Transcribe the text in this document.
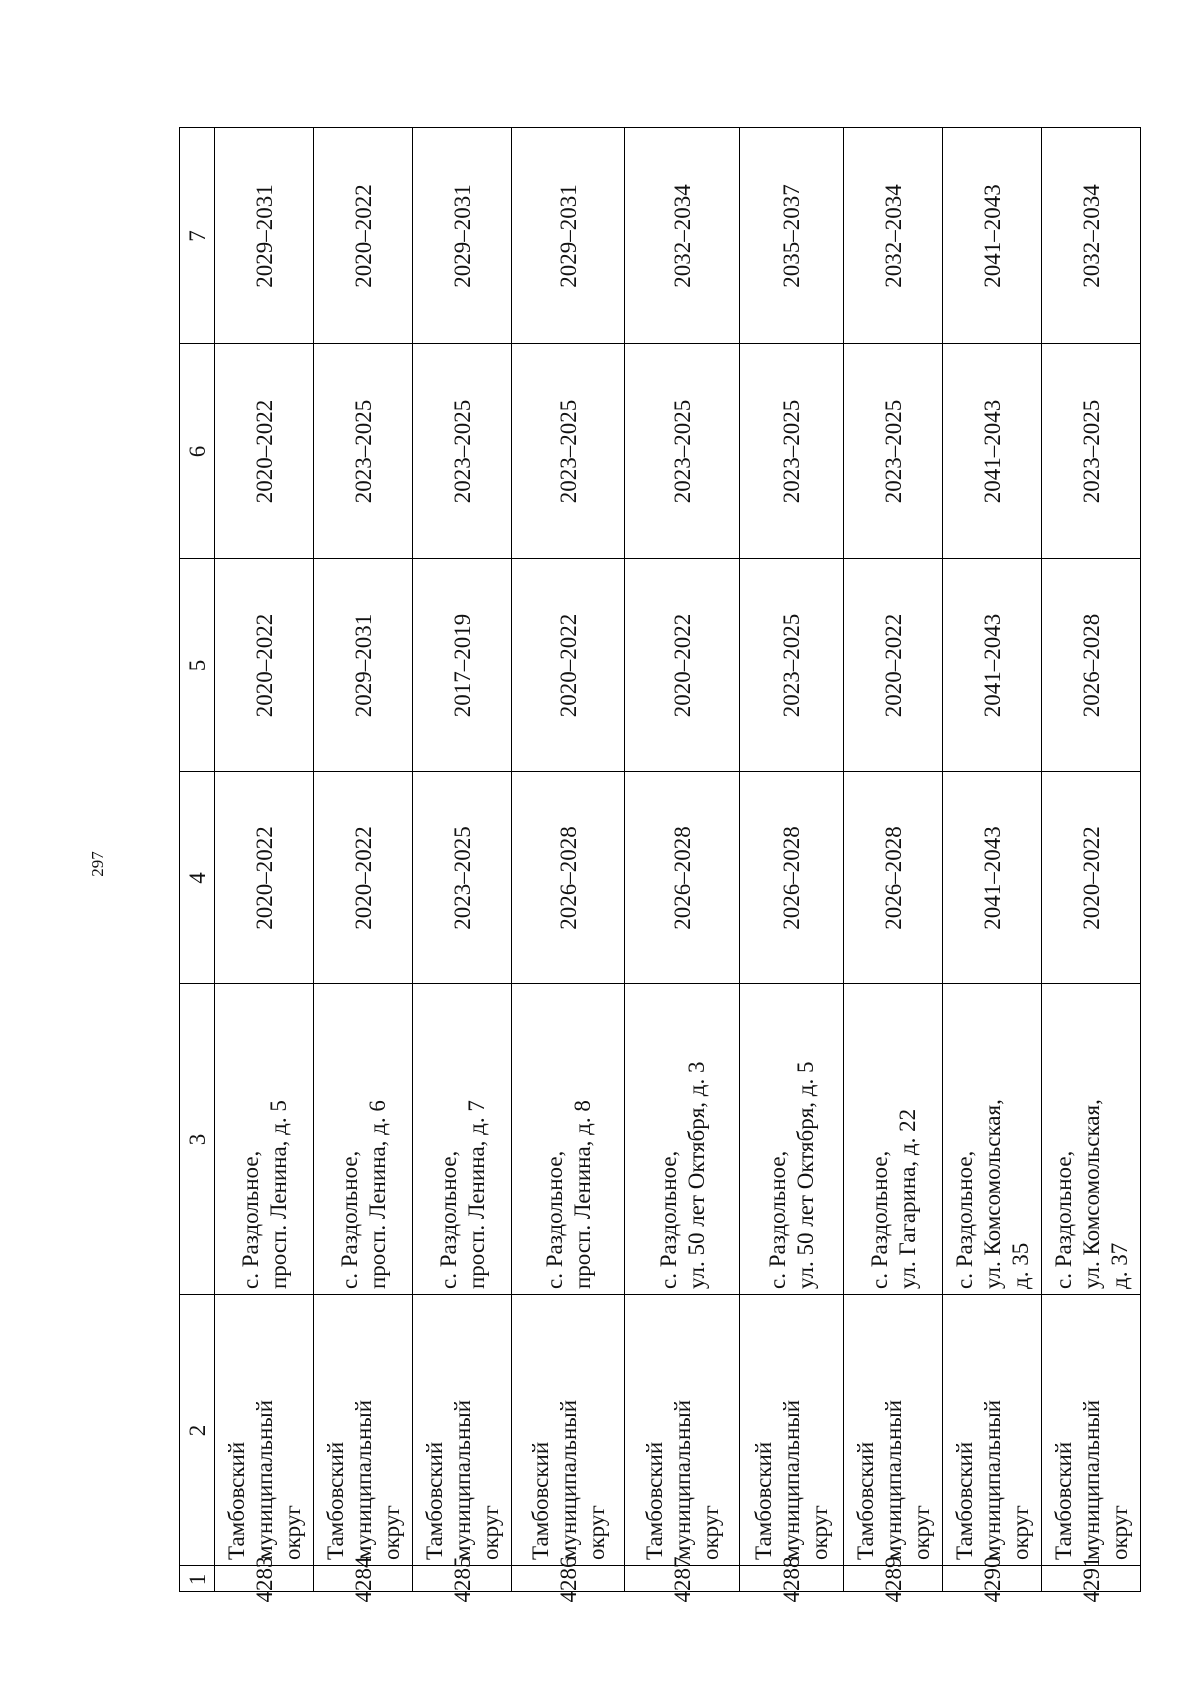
297
1
2
3
4
5
6
7
4283
Тамбовский муниципальный округ
с. Раздольное, просп. Ленина, д. 5
2020–2022
2020–2022
2020–2022
2029–2031
4284
Тамбовский муниципальный округ
с. Раздольное, просп. Ленина, д. 6
2020–2022
2029–2031
2023–2025
2020–2022
4285
Тамбовский муниципальный округ
с. Раздольное, просп. Ленина, д. 7
2023–2025
2017–2019
2023–2025
2029–2031
4286
Тамбовский муниципальный округ
с. Раздольное, просп. Ленина, д. 8
2026–2028
2020–2022
2023–2025
2029–2031
4287
Тамбовский муниципальный округ
с. Раздольное, ул. 50 лет Октября, д. 3
2026–2028
2020–2022
2023–2025
2032–2034
4288
Тамбовский муниципальный округ
с. Раздольное, ул. 50 лет Октября, д. 5
2026–2028
2023–2025
2023–2025
2035–2037
4289
Тамбовский муниципальный округ
с. Раздольное, ул. Гагарина, д. 22
2026–2028
2020–2022
2023–2025
2032–2034
4290
Тамбовский муниципальный округ
с. Раздольное, ул. Комсомольская, д. 35
2041–2043
2041–2043
2041–2043
2041–2043
4291
Тамбовский муниципальный округ
с. Раздольное, ул. Комсомольская, д. 37
2020–2022
2026–2028
2023–2025
2032–2034
